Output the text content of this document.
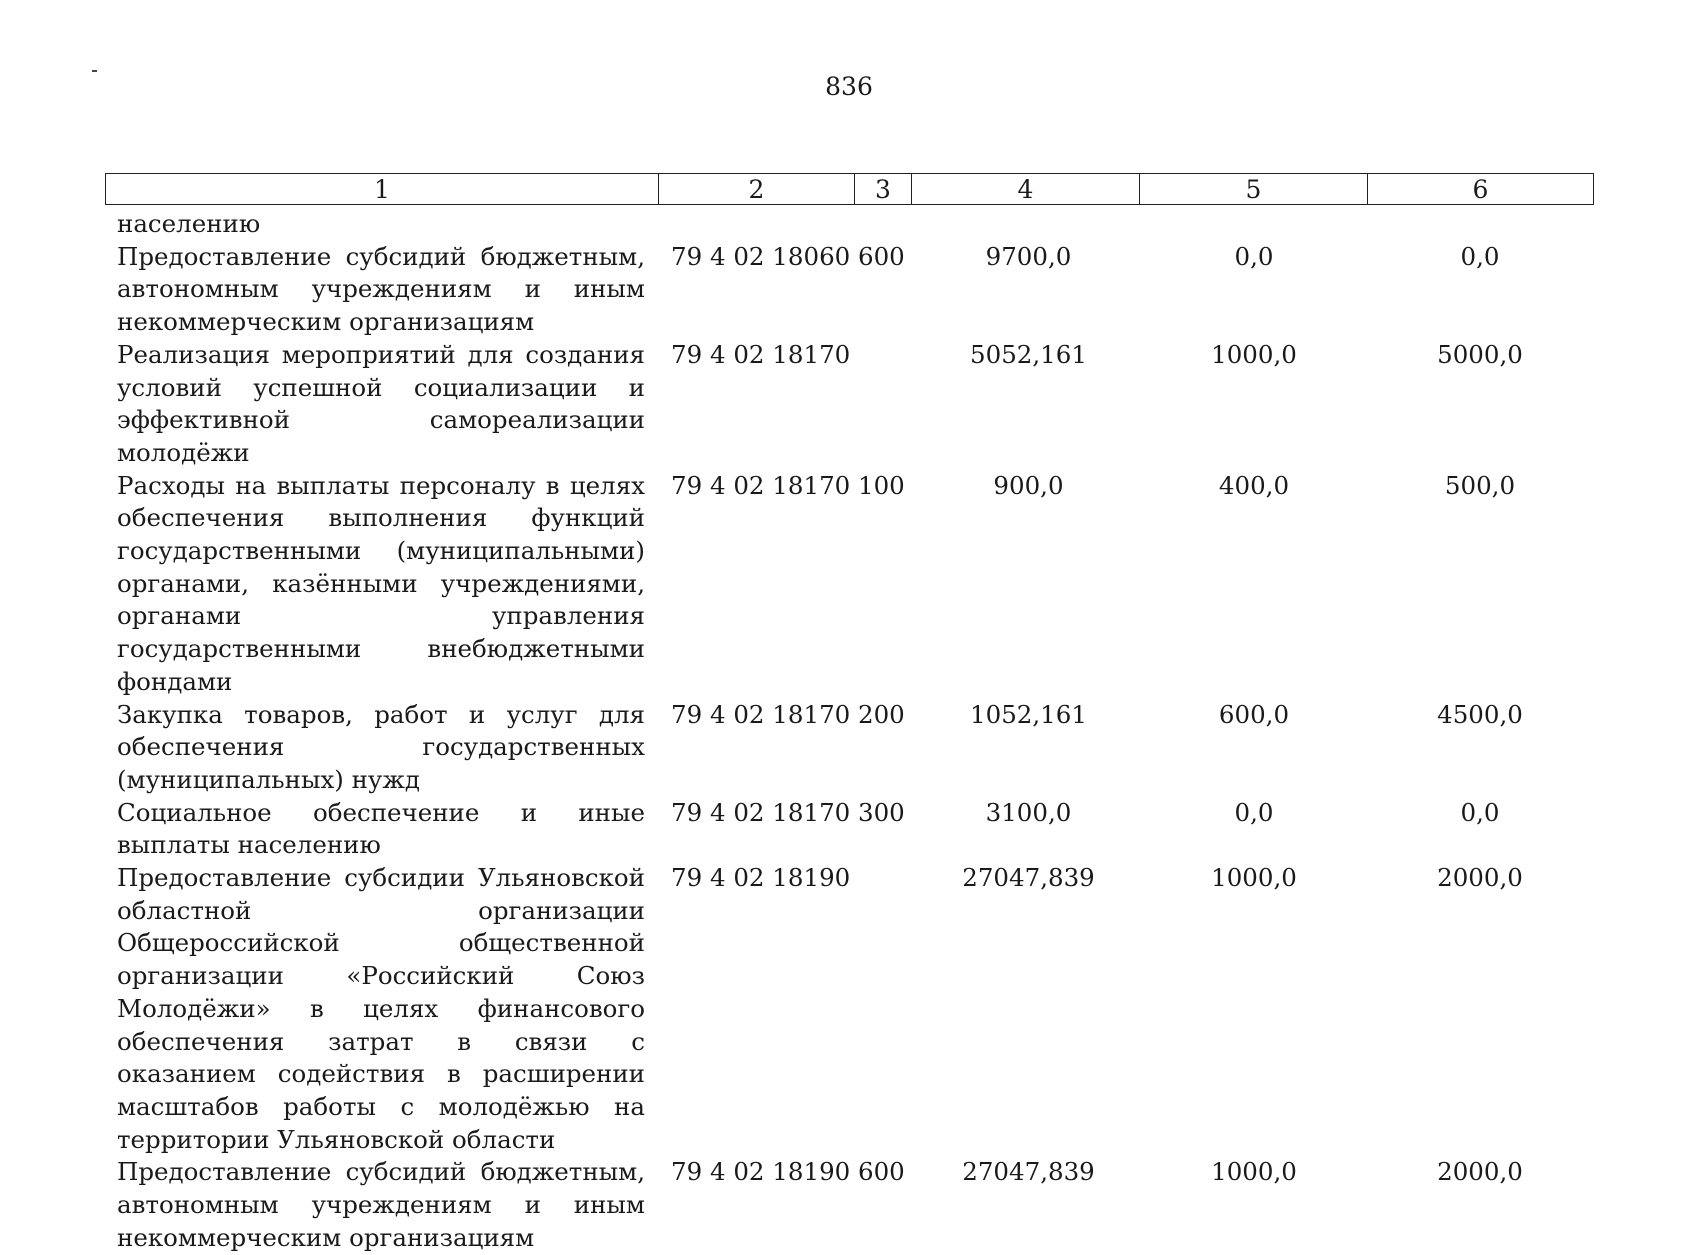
836
1	2	3	4	5	6
населению
Предоставление субсидий бюджетным, автономным учреждениям и иным некоммерческим организациям
79 4 02 18060 600	9700,0	0,0	0,0
Реализация мероприятий для создания условий успешной социализации и эффективной самореализации молодёжи
79 4 02 18170	5052,161	1000,0	5000,0
Расходы на выплаты персоналу в целях обеспечения выполнения функций государственными (муниципальными) органами, казёнными учреждениями, органами управления государственными внебюджетными фондами
79 4 02 18170 100	900,0	400,0	500,0
Закупка товаров, работ и услуг для обеспечения государственных (муниципальных) нужд
79 4 02 18170 200	1052,161	600,0	4500,0
Социальное обеспечение и иные выплаты населению
79 4 02 18170 300	3100,0	0,0	0,0
Предоставление субсидии Ульяновской областной организации Общероссийской общественной организации «Российский Союз Молодёжи» в целях финансового обеспечения затрат в связи с оказанием содействия в расширении масштабов работы с молодёжью на территории Ульяновской области
79 4 02 18190	27047,839	1000,0	2000,0
Предоставление субсидий бюджетным, автономным учреждениям и иным некоммерческим организациям
79 4 02 18190 600	27047,839	1000,0	2000,0
